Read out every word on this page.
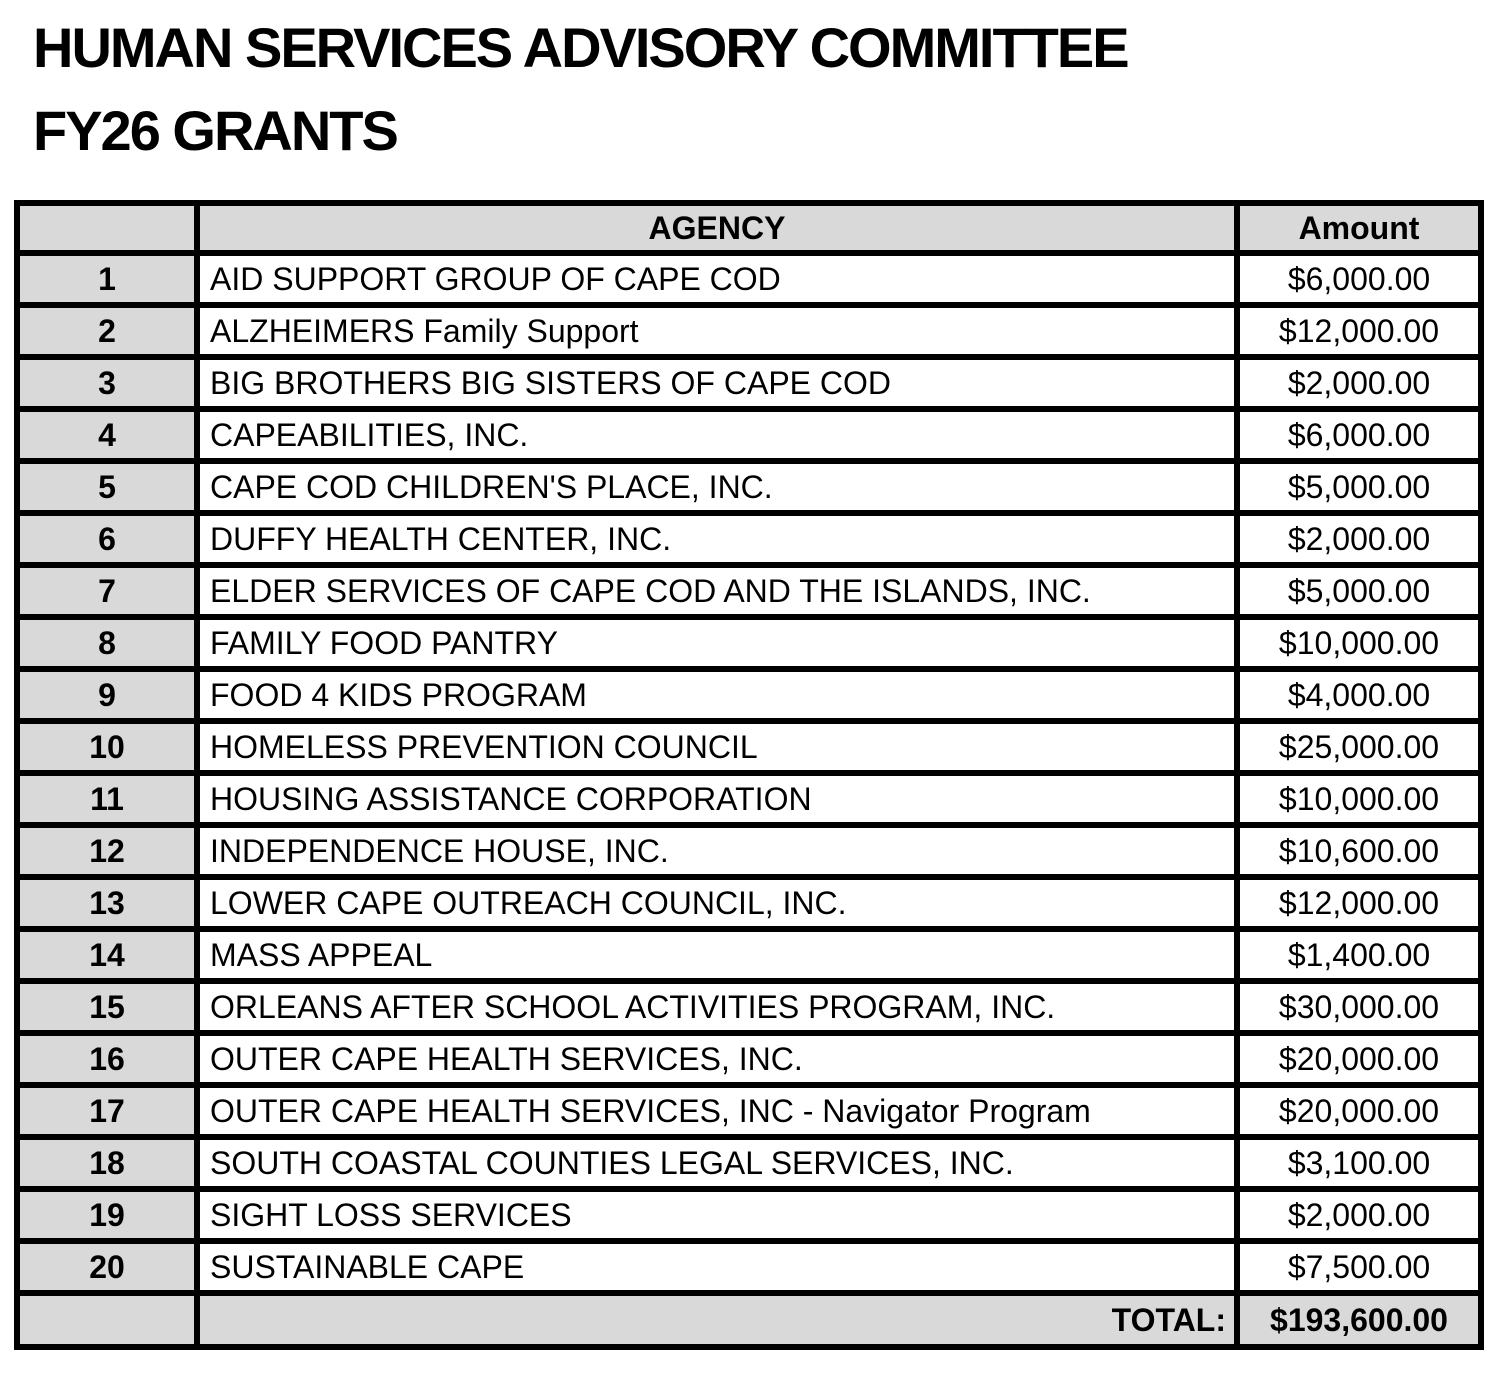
HUMAN SERVICES ADVISORY COMMITTEE
FY26 GRANTS
	AGENCY	Amount
1	AID SUPPORT GROUP OF CAPE COD	$6,000.00
2	ALZHEIMERS Family Support	$12,000.00
3	BIG BROTHERS BIG SISTERS OF CAPE COD	$2,000.00
4	CAPEABILITIES, INC.	$6,000.00
5	CAPE COD CHILDREN'S PLACE, INC.	$5,000.00
6	DUFFY HEALTH CENTER, INC.	$2,000.00
7	ELDER SERVICES OF CAPE COD AND THE ISLANDS, INC.	$5,000.00
8	FAMILY FOOD PANTRY	$10,000.00
9	FOOD 4 KIDS PROGRAM	$4,000.00
10	HOMELESS PREVENTION COUNCIL	$25,000.00
11	HOUSING ASSISTANCE CORPORATION	$10,000.00
12	INDEPENDENCE HOUSE, INC.	$10,600.00
13	LOWER CAPE OUTREACH COUNCIL, INC.	$12,000.00
14	MASS APPEAL	$1,400.00
15	ORLEANS AFTER SCHOOL ACTIVITIES PROGRAM, INC.	$30,000.00
16	OUTER CAPE HEALTH SERVICES, INC.	$20,000.00
17	OUTER CAPE HEALTH SERVICES, INC - Navigator Program	$20,000.00
18	SOUTH COASTAL COUNTIES LEGAL SERVICES, INC.	$3,100.00
19	SIGHT LOSS SERVICES	$2,000.00
20	SUSTAINABLE CAPE	$7,500.00
	TOTAL:	$193,600.00
